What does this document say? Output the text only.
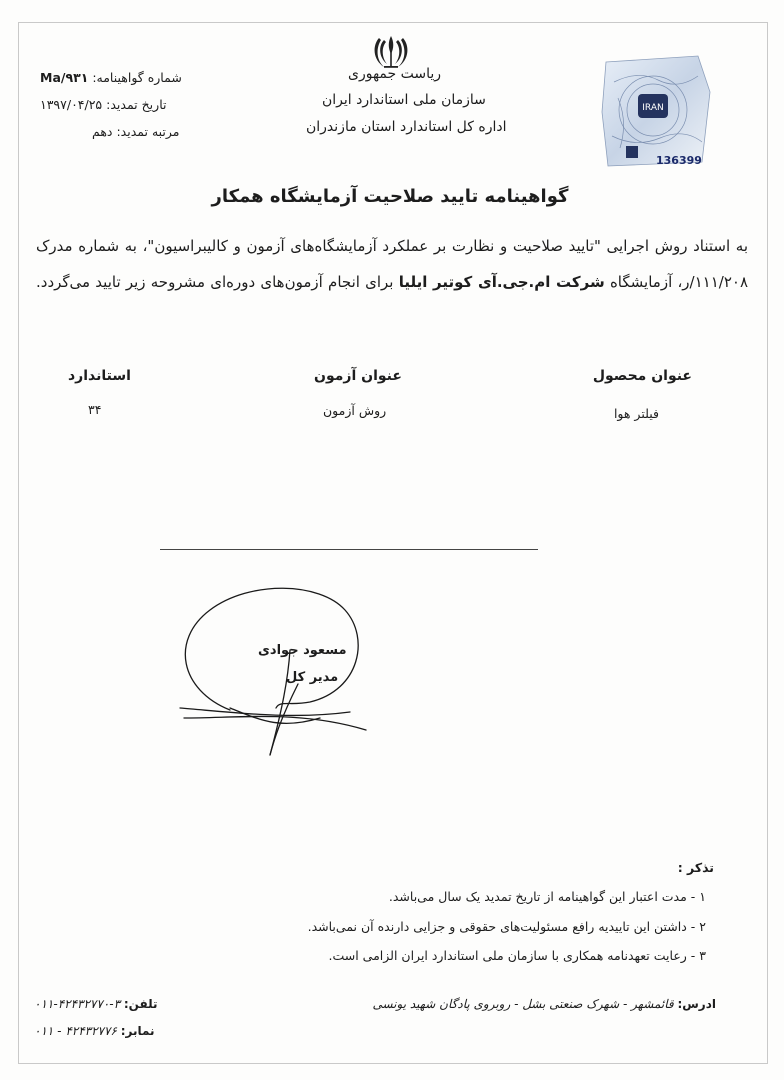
ریاست جمهوری
سازمان ملی استاندارد ایران
اداره کل استاندارد استان مازندران
شماره گواهینامه: Ma/۹۳۱
تاریخ تمدید: ۱۳۹۷/۰۴/۲۵
مرتبه تمدید: دهم
IRAN
136399
گواهینامه تایید صلاحیت آزمایشگاه همکار
به استناد روش اجرایی "تایید صلاحیت و نظارت بر عملکرد آزمایشگاه‌های آزمون و کالیبراسیون"، به شماره مدرک
۱۱۱/۲۰۸/ر، آزمایشگاه شرکت ام.جی.آی کوتیر ایلیا برای انجام آزمون‌های دوره‌ای مشروحه زیر تایید می‌گردد.
عنوان محصول
عنوان آزمون
استاندارد
فیلتر هوا
روش آزمون
۳۴
مسعود جوادی
مدیر کل
تذکر :
۱ - مدت اعتبار این گواهینامه از تاریخ تمدید یک سال می‌باشد.
۲ - داشتن این تاییدیه رافع مسئولیت‌های حقوقی و جزایی دارنده آن نمی‌باشد.
۳ - رعایت تعهدنامه همکاری با سازمان ملی استاندارد ایران الزامی است.
ادرس: قائمشهر - شهرک صنعتی بشل - روبروی پادگان شهید یونسی
تلفن: ۳-۴۲۴۳۲۷۷۰-۰۱۱
نمابر: ۴۲۴۳۲۷۷۶ - ۰۱۱
